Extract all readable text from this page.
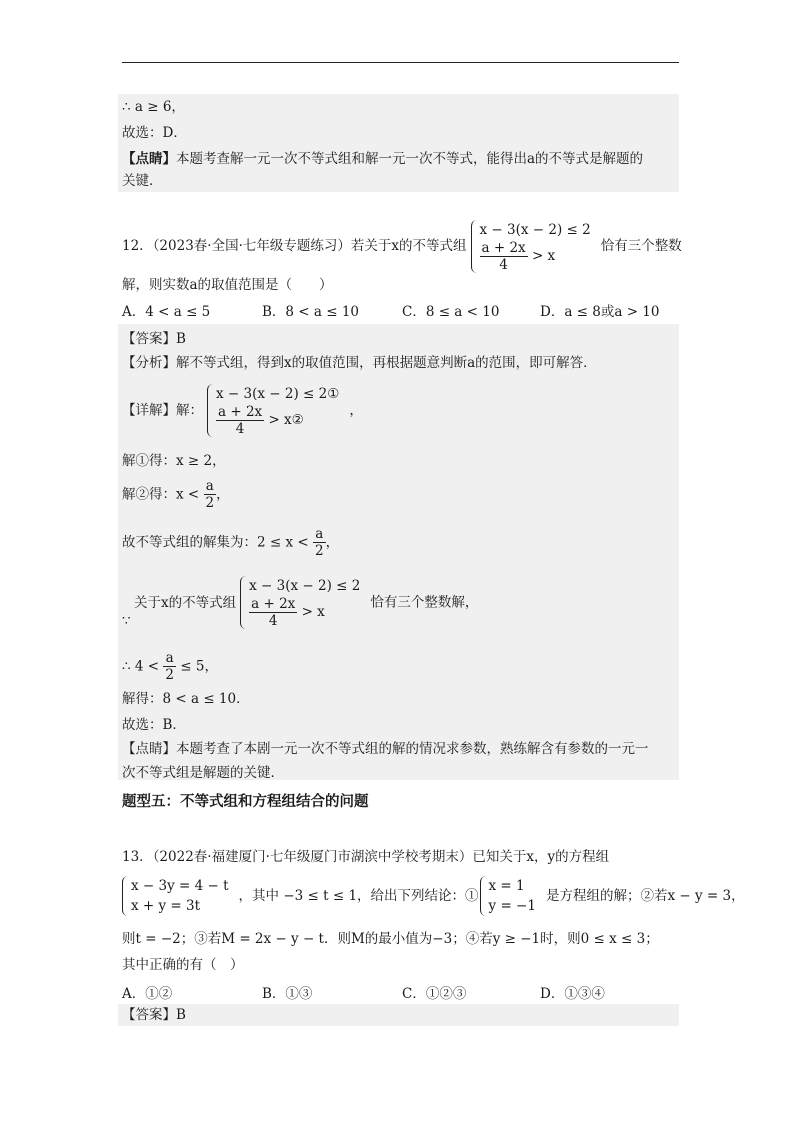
∴ a ≥ 6，
故选：D．
【点睛】本题考查解一元一次不等式组和解一元一次不等式，能得出a的不等式是解题的
关键．
12．（2023春·全国·七年级专题练习）若关于x的不等式组
x − 3(x − 2) ≤ 2
$\frac{a + 2x}{4} > x$
恰有三个整数
解，则实数a的取值范围是（　　）
A．4 < a ≤ 5	B．8 < a ≤ 10	C．8 ≤ a < 10	D．a ≤ 8或a > 10
【答案】B
【分析】解不等式组，得到x的取值范围，再根据题意判断a的范围，即可解答．
【详解】解：
x − 3(x − 2) ≤ 2①
$\frac{a + 2x}{4}$ > x②
，
解①得：x ≥ 2，
解②得：$x < \frac{a}{2}$ ，
故不等式组的解集为：$2 \le x < \frac{a}{2}$ ，
∵
关于x的不等式组
x − 3(x − 2) ≤ 2
$\frac{a + 2x}{4} > x$
恰有三个整数解，
∴ $4 < \frac{a}{2} \le 5$，
解得：8 < a ≤ 10．
故选：B．
【点睛】本题考查了本剧一元一次不等式组的解的情况求参数，熟练解含有参数的一元一
次不等式组是解题的关键．
题型五：不等式组和方程组结合的问题
13．（2022春·福建厦门·七年级厦门市湖滨中学校考期末）已知关于x，y的方程组
x − 3y = 4 − t
x + y = 3t
，其中 −3 ≤ t ≤ 1，给出下列结论：①
x = 1
y = −1
是方程组的解；②若x − y = 3，
则t = −2；③若M = 2x − y − t．则M的最小值为−3；④若y ≥ −1时，则0 ≤ x ≤ 3；
其中正确的有（　）
A．①②	B．①③	C．①②③	D．①③④
【答案】B
